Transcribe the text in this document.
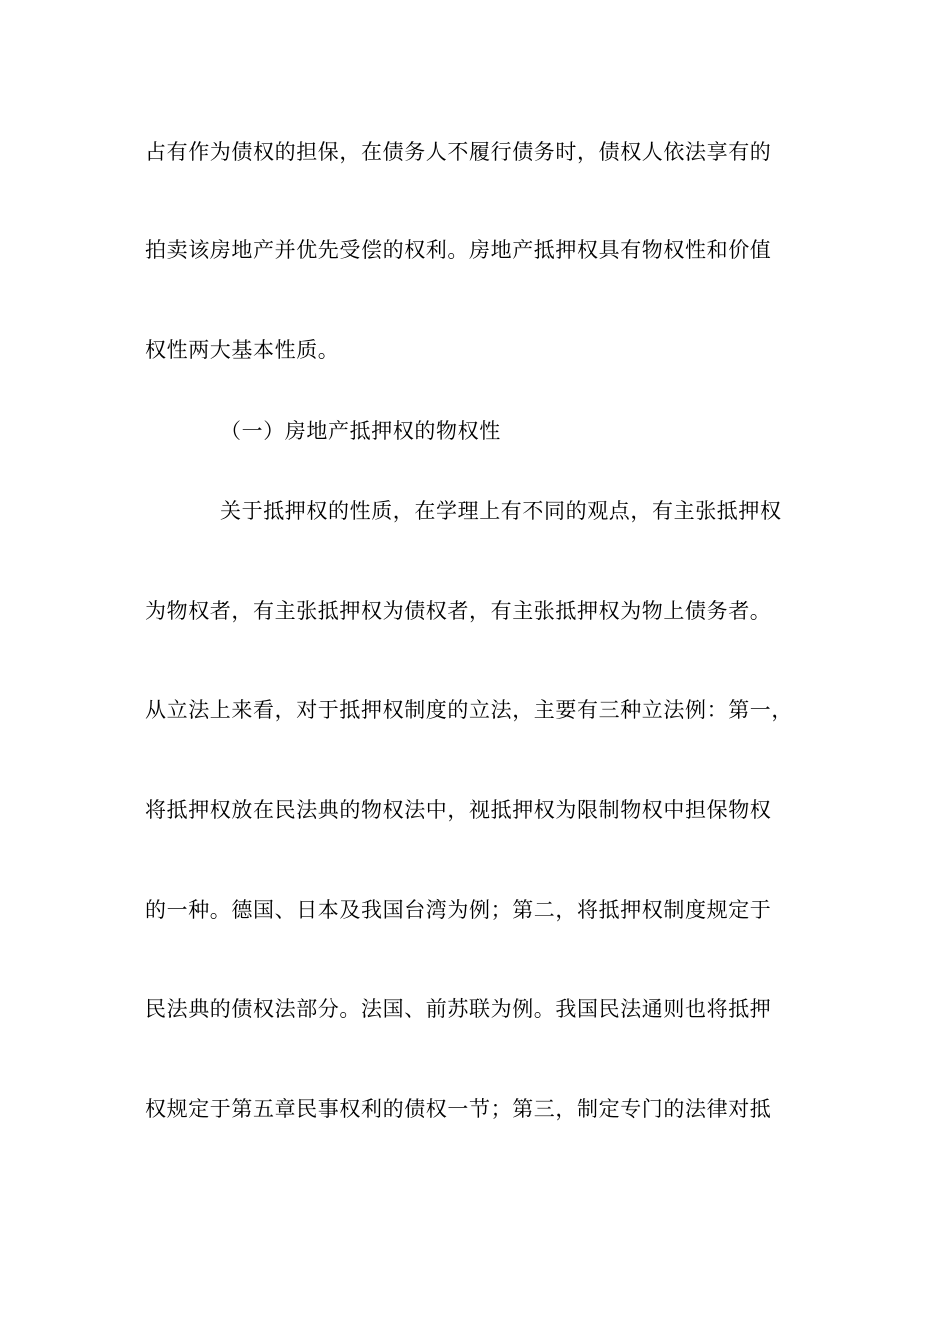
占有作为债权的担保，在债务人不履行债务时，债权人依法享有的
拍卖该房地产并优先受偿的权利。房地产抵押权具有物权性和价值
权性两大基本性质。
（一）房地产抵押权的物权性
关于抵押权的性质，在学理上有不同的观点，有主张抵押权
为物权者，有主张抵押权为债权者，有主张抵押权为物上债务者。
从立法上来看，对于抵押权制度的立法，主要有三种立法例：第一，
将抵押权放在民法典的物权法中，视抵押权为限制物权中担保物权
的一种。德国、日本及我国台湾为例；第二，将抵押权制度规定于
民法典的债权法部分。法国、前苏联为例。我国民法通则也将抵押
权规定于第五章民事权利的债权一节；第三，制定专门的法律对抵
